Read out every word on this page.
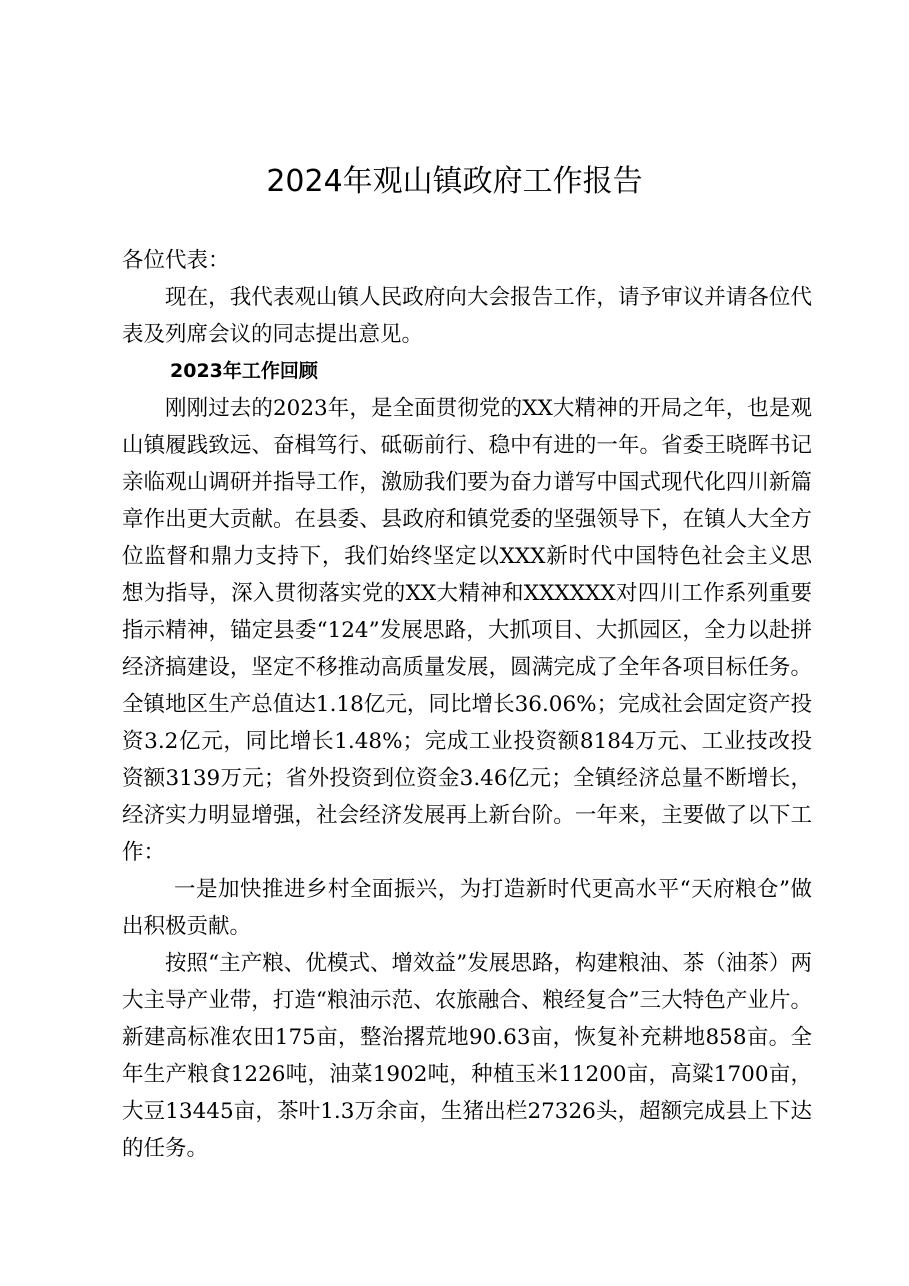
2024年观山镇政府工作报告

各位代表：

现在，我代表观山镇人民政府向大会报告工作，请予审议并请各位代表及列席会议的同志提出意见。

2023年工作回顾

刚刚过去的2023年，是全面贯彻党的XX大精神的开局之年，也是观山镇履践致远、奋楫笃行、砥砺前行、稳中有进的一年。省委王晓晖书记亲临观山调研并指导工作，激励我们要为奋力谱写中国式现代化四川新篇章作出更大贡献。在县委、县政府和镇党委的坚强领导下，在镇人大全方位监督和鼎力支持下，我们始终坚定以XXX新时代中国特色社会主义思想为指导，深入贯彻落实党的XX大精神和XXXXXX对四川工作系列重要指示精神，锚定县委“124”发展思路，大抓项目、大抓园区，全力以赴拼经济搞建设，坚定不移推动高质量发展，圆满完成了全年各项目标任务。全镇地区生产总值达1.18亿元，同比增长36.06%；完成社会固定资产投资3.2亿元，同比增长1.48%；完成工业投资额8184万元、工业技改投资额3139万元；省外投资到位资金3.46亿元；全镇经济总量不断增长，经济实力明显增强，社会经济发展再上新台阶。一年来，主要做了以下工作：

一是加快推进乡村全面振兴，为打造新时代更高水平“天府粮仓”做出积极贡献。

按照“主产粮、优模式、增效益”发展思路，构建粮油、茶（油茶）两大主导产业带，打造“粮油示范、农旅融合、粮经复合”三大特色产业片。新建高标准农田175亩，整治撂荒地90.63亩，恢复补充耕地858亩。全年生产粮食1226吨，油菜1902吨，种植玉米11200亩，高粱1700亩，大豆13445亩，茶叶1.3万余亩，生猪出栏27326头，超额完成县上下达的任务。
